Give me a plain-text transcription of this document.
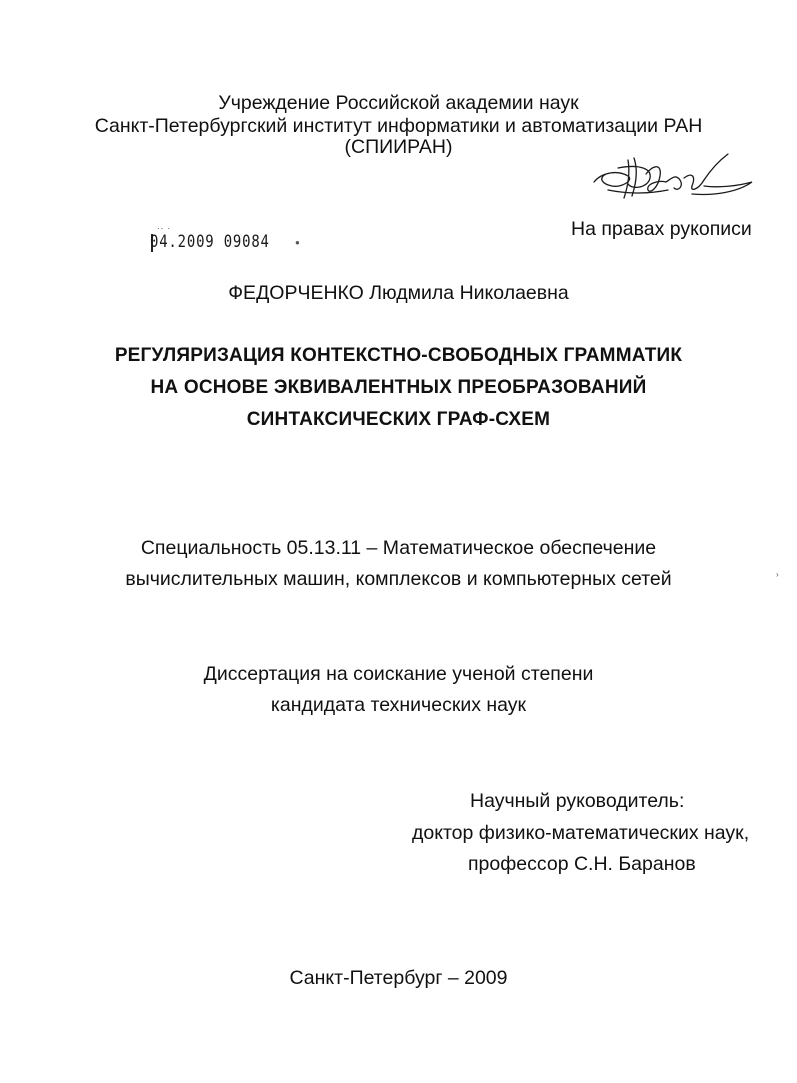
Учреждение Российской академии наук
Санкт-Петербургский институт информатики и автоматизации РАН
(СПИИРАН)
На правах рукописи
·· ·
04.2009 09084	●
ФЕДОРЧЕНКО Людмила Николаевна
РЕГУЛЯРИЗАЦИЯ КОНТЕКСТНО-СВОБОДНЫХ ГРАММАТИК
НА ОСНОВЕ ЭКВИВАЛЕНТНЫХ ПРЕОБРАЗОВАНИЙ
СИНТАКСИЧЕСКИХ ГРАФ-СХЕМ
Специальность 05.13.11 – Математическое обеспечение
вычислительных машин, комплексов и компьютерных сетей	›
Диссертация на соискание ученой степени
кандидата технических наук
Научный руководитель:
доктор физико-математических наук,
профессор С.Н. Баранов
Санкт-Петербург – 2009
